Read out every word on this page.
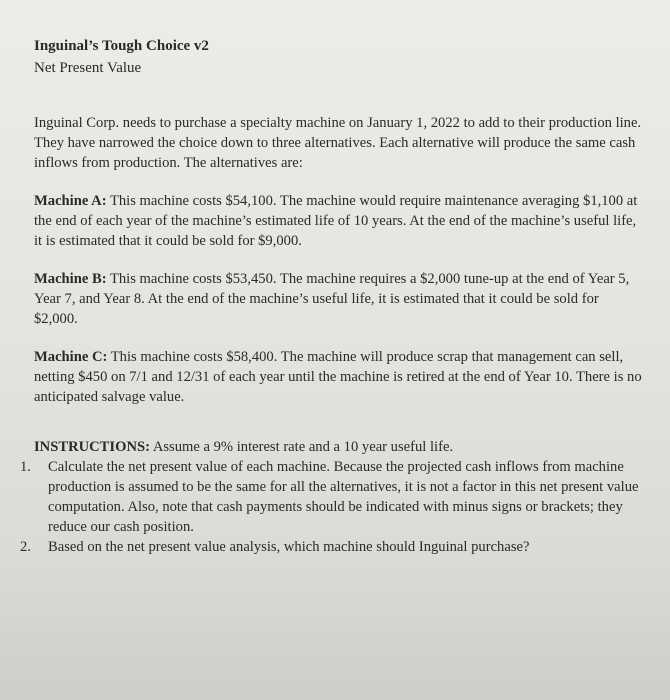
Inguinal’s Tough Choice v2

Net Present Value

Inguinal Corp. needs to purchase a specialty machine on January 1, 2022 to add to their production line. They have narrowed the choice down to three alternatives. Each alternative will produce the same cash inflows from production. The alternatives are:

Machine A: This machine costs $54,100. The machine would require maintenance averaging $1,100 at the end of each year of the machine’s estimated life of 10 years. At the end of the machine’s useful life, it is estimated that it could be sold for $9,000.

Machine B: This machine costs $53,450. The machine requires a $2,000 tune-up at the end of Year 5, Year 7, and Year 8. At the end of the machine’s useful life, it is estimated that it could be sold for $2,000.

Machine C: This machine costs $58,400. The machine will produce scrap that management can sell, netting $450 on 7/1 and 12/31 of each year until the machine is retired at the end of Year 10. There is no anticipated salvage value.

INSTRUCTIONS: Assume a 9% interest rate and a 10 year useful life.

1. Calculate the net present value of each machine. Because the projected cash inflows from machine production is assumed to be the same for all the alternatives, it is not a factor in this net present value computation. Also, note that cash payments should be indicated with minus signs or brackets; they reduce our cash position.
2. Based on the net present value analysis, which machine should Inguinal purchase?
